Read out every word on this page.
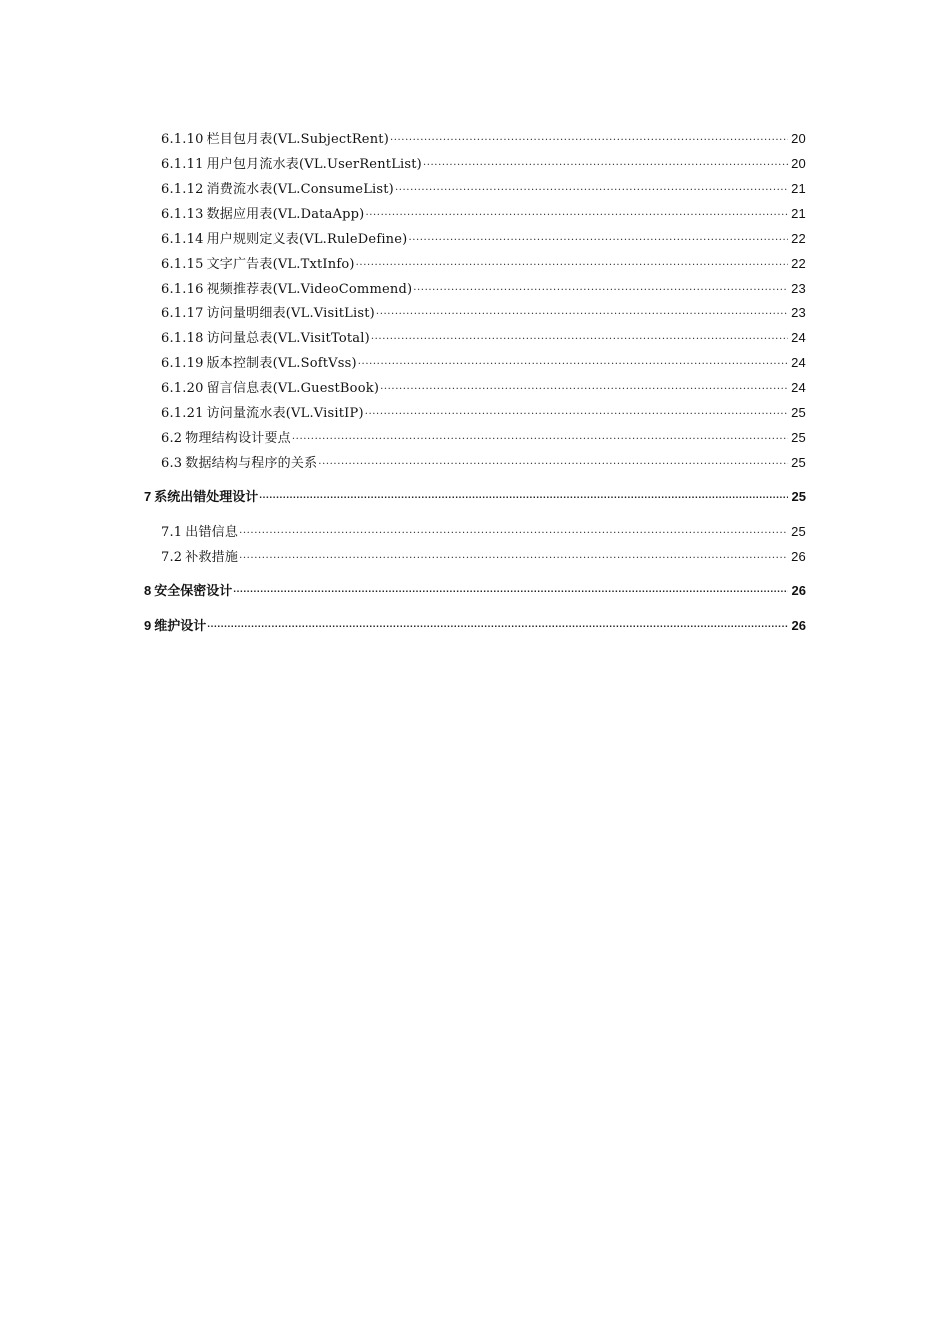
6.1.10 栏目包月表(VL.SubjectRent) .....	20
6.1.11 用户包月流水表(VL.UserRentList) .....	20
6.1.12 消费流水表(VL.ConsumeList) .....	21
6.1.13 数据应用表(VL.DataApp) .....	21
6.1.14 用户规则定义表(VL.RuleDefine) .....	22
6.1.15 文字广告表(VL.TxtInfo) .....	22
6.1.16 视频推荐表(VL.VideoCommend) .....	23
6.1.17 访问量明细表(VL.VisitList) .....	23
6.1.18 访问量总表(VL.VisitTotal) .....	24
6.1.19 版本控制表(VL.SoftVss) .....	24
6.1.20 留言信息表(VL.GuestBook) .....	24
6.1.21 访问量流水表(VL.VisitIP) .....	25
6.2 物理结构设计要点 .....	25
6.3 数据结构与程序的关系 .....	25
7 系统出错处理设计 .....	25
7.1 出错信息 .....	25
7.2 补救措施 .....	26
8 安全保密设计 .....	26
9 维护设计 .....	26
